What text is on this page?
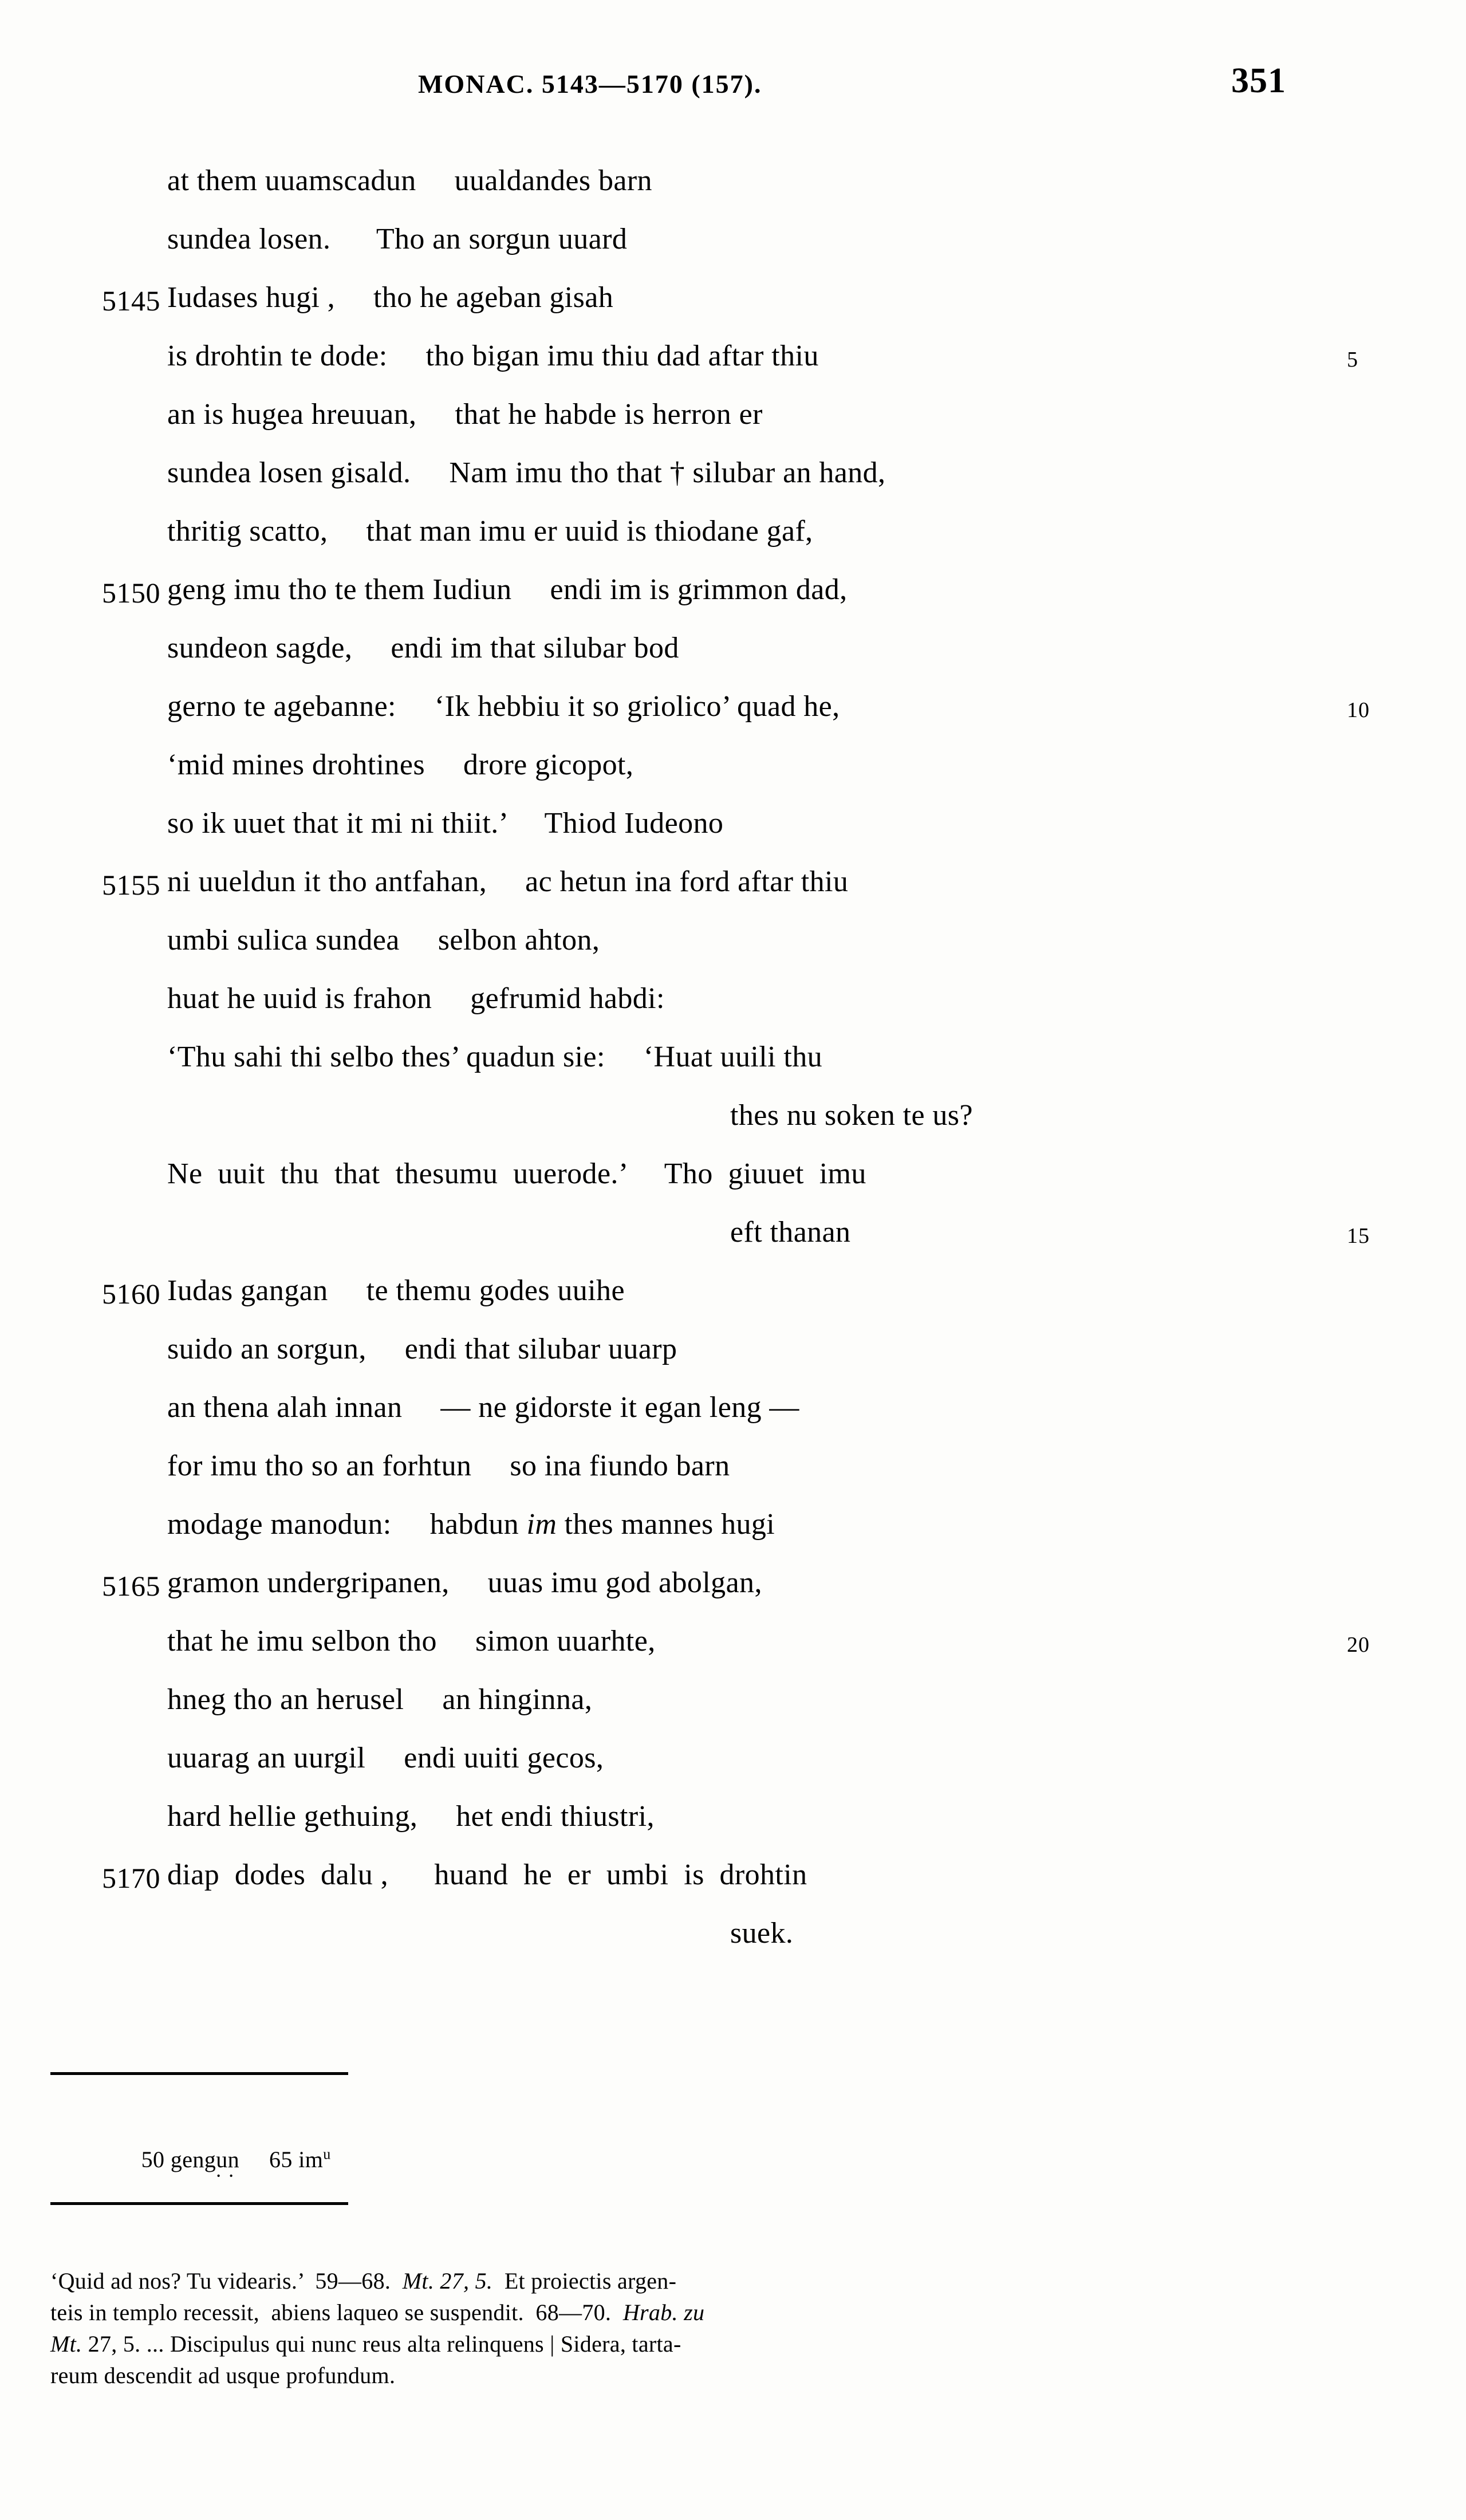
MONAC. 5143—5170 (157).	351
at them uuamscadun     uualdandes barn
sundea losen.      Tho an sorgun uuard
5145 Iudases hugi ,     tho he ageban gisah
is drohtin te dode:     tho bigan imu thiu dad aftar thiu	5
an is hugea hreuuan,     that he habde is herron er
sundea losen gisald.     Nam imu tho that † silubar an hand,
thritig scatto,     that man imu er uuid is thiodane gaf,
5150 geng imu tho te them Iudiun     endi im is grimmon dad,
sundeon sagde,     endi im that silubar bod
gerno te agebanne:     ‘Ik hebbiu it so griolico’ quad he,	10
‘mid mines drohtines     drore gicopot,
so ik uuet that it mi ni thiit.’     Thiod Iudeono
5155 ni uueldun it tho antfahan,     ac hetun ina ford aftar thiu
umbi sulica sundea     selbon ahton,
huat he uuid is frahon     gefrumid habdi:
‘Thu sahi thi selbo thes’ quadun sie:     ‘Huat uuili thu
thes nu soken te us?
Ne  uuit  thu  that  thesumu  uuerode.’     Tho  giuuet  imu
eft thanan	15
5160 Iudas gangan     te themu godes uuihe
suido an sorgun,     endi that silubar uuarp
an thena alah innan     — ne gidorste it egan leng —
for imu tho so an forhtun     so ina fiundo barn
modage manodun:     habdun im thes mannes hugi
5165 gramon undergripanen,     uuas imu god abolgan,
that he imu selbon tho     simon uuarhte,	20
hneg tho an herusel     an hinginna,
uuarag an uurgil     endi uuiti gecos,
hard hellie gethuing,     het endi thiustri,
5170 diap  dodes  dalu ,      huand  he  er  umbi  is  drohtin
suek.

50 gengun ·· 65 $im^u$

‘Quid ad nos? Tu videaris.’  59—68.  Mt. 27, 5.  Et proiectis argen-
teis in templo recessit,  abiens laqueo se suspendit.  68—70.  Hrab. zu
Mt. 27, 5. ... Discipulus qui nunc reus alta relinquens | Sidera, tarta-
reum descendit ad usque profundum.
